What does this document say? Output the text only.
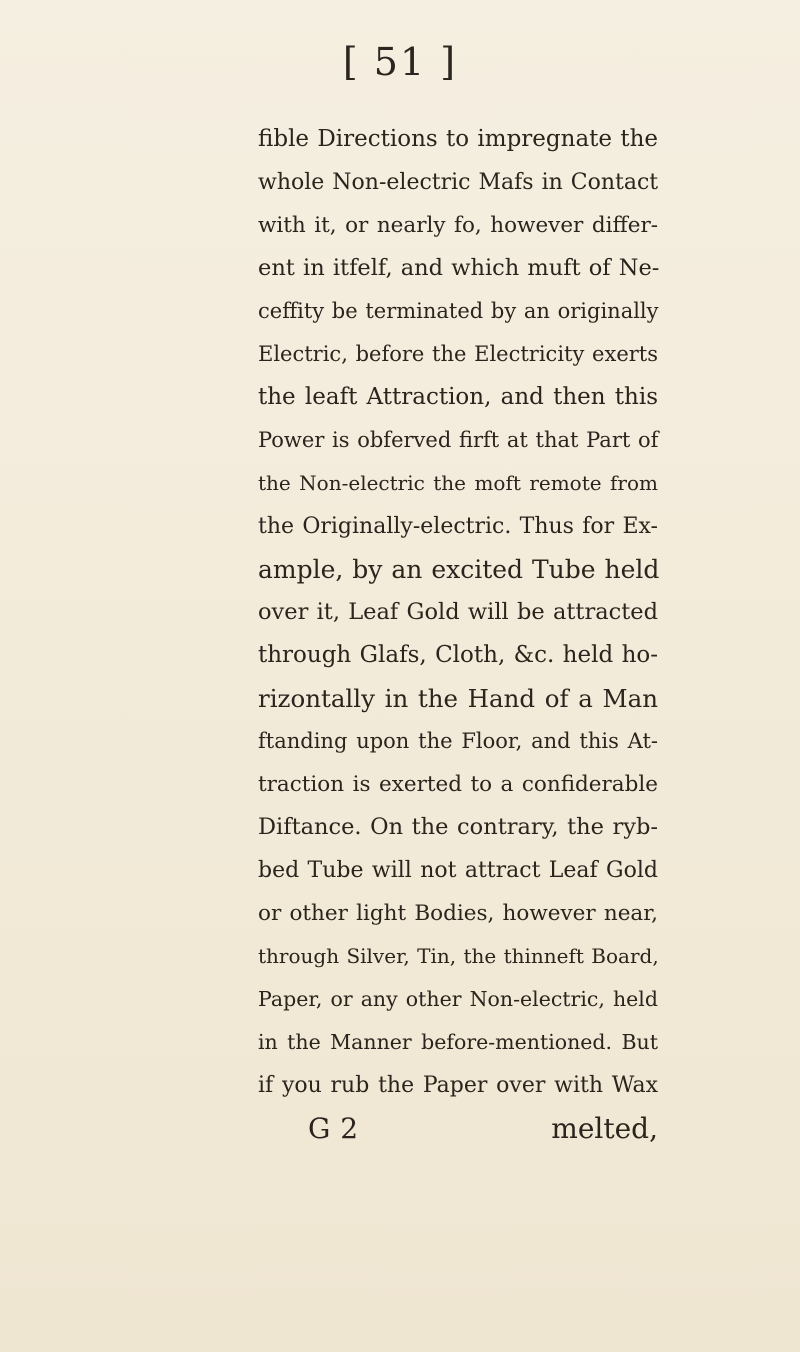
[ 51 ]
fible Directions to impregnate the
whole Non-electric Mafs in Contact
with it, or nearly fo, however differ-
ent in itfelf, and which muft of Ne-
ceffity be terminated by an originally
Electric, before the Electricity exerts
the leaft Attraction, and then this
Power is obferved firft at that Part of
the Non-electric the moft remote from
the Originally-electric. Thus for Ex-
ample, by an excited Tube held
over it, Leaf Gold will be attracted
through Glafs, Cloth, &c. held ho-
rizontally in the Hand of a Man
ftanding upon the Floor, and this At-
traction is exerted to a confiderable
Diftance. On the contrary, the ryb-
bed Tube will not attract Leaf Gold
or other light Bodies, however near,
through Silver, Tin, the thinneft Board,
Paper, or any other Non-electric, held
in the Manner before-mentioned. But
if you rub the Paper over with Wax
G 2	melted,
